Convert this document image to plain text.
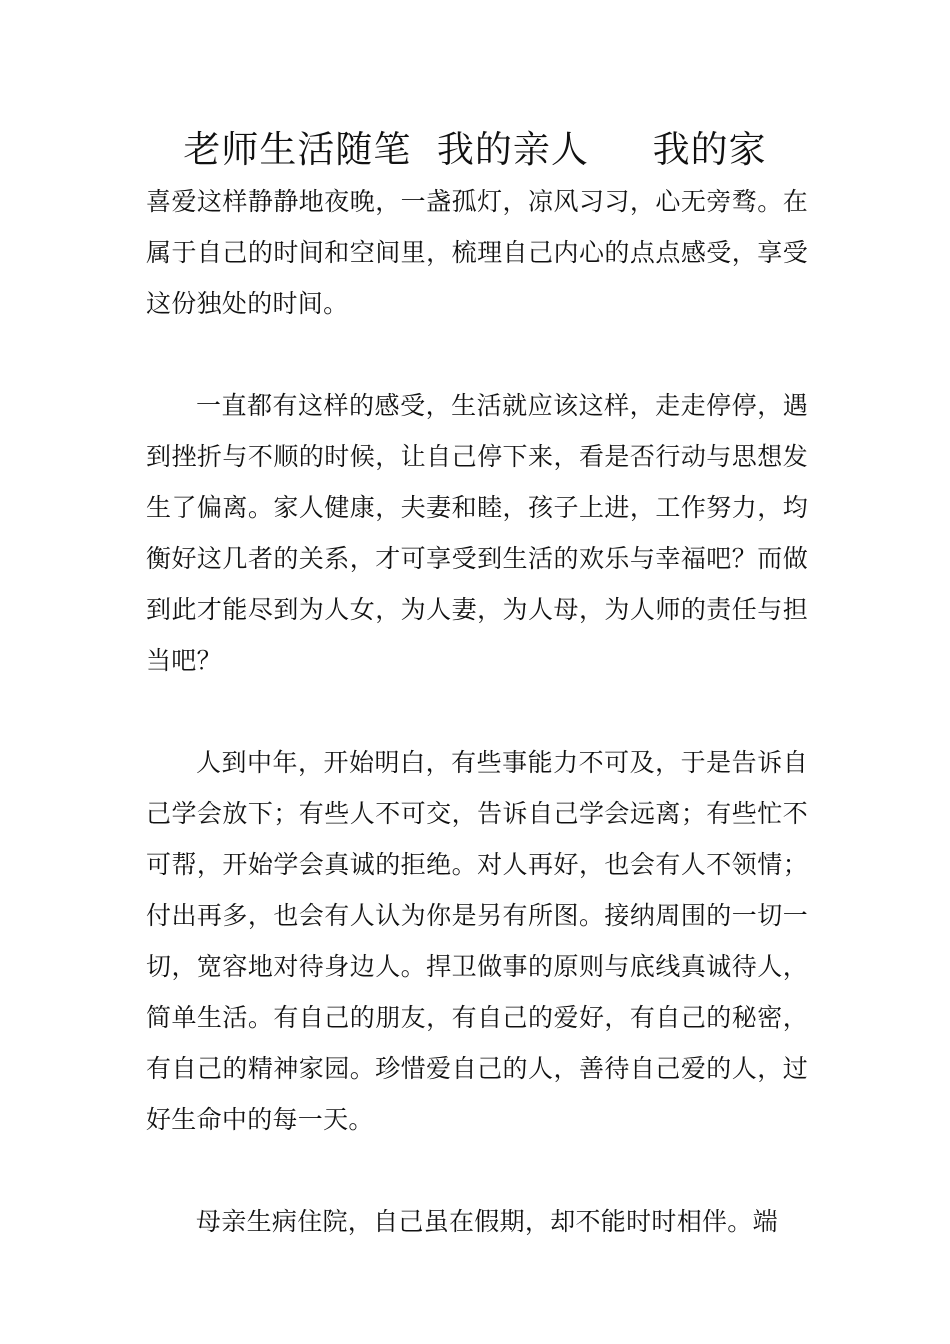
老师生活随笔  我的亲人     我的家

喜爱这样静静地夜晚，一盏孤灯，凉风习习，心无旁骛。在属于自己的时间和空间里，梳理自己内心的点点感受，享受这份独处的时间。

一直都有这样的感受，生活就应该这样，走走停停，遇到挫折与不顺的时候，让自己停下来，看是否行动与思想发生了偏离。家人健康，夫妻和睦，孩子上进，工作努力，均衡好这几者的关系，才可享受到生活的欢乐与幸福吧？而做到此才能尽到为人女，为人妻，为人母，为人师的责任与担当吧？

人到中年，开始明白，有些事能力不可及，于是告诉自己学会放下；有些人不可交，告诉自己学会远离；有些忙不可帮，开始学会真诚的拒绝。对人再好，也会有人不领情；付出再多，也会有人认为你是另有所图。接纳周围的一切一切，宽容地对待身边人。捍卫做事的原则与底线真诚待人，简单生活。有自己的朋友，有自己的爱好，有自己的秘密，有自己的精神家园。珍惜爱自己的人，善待自己爱的人，过好生命中的每一天。

母亲生病住院，自己虽在假期，却不能时时相伴。端
